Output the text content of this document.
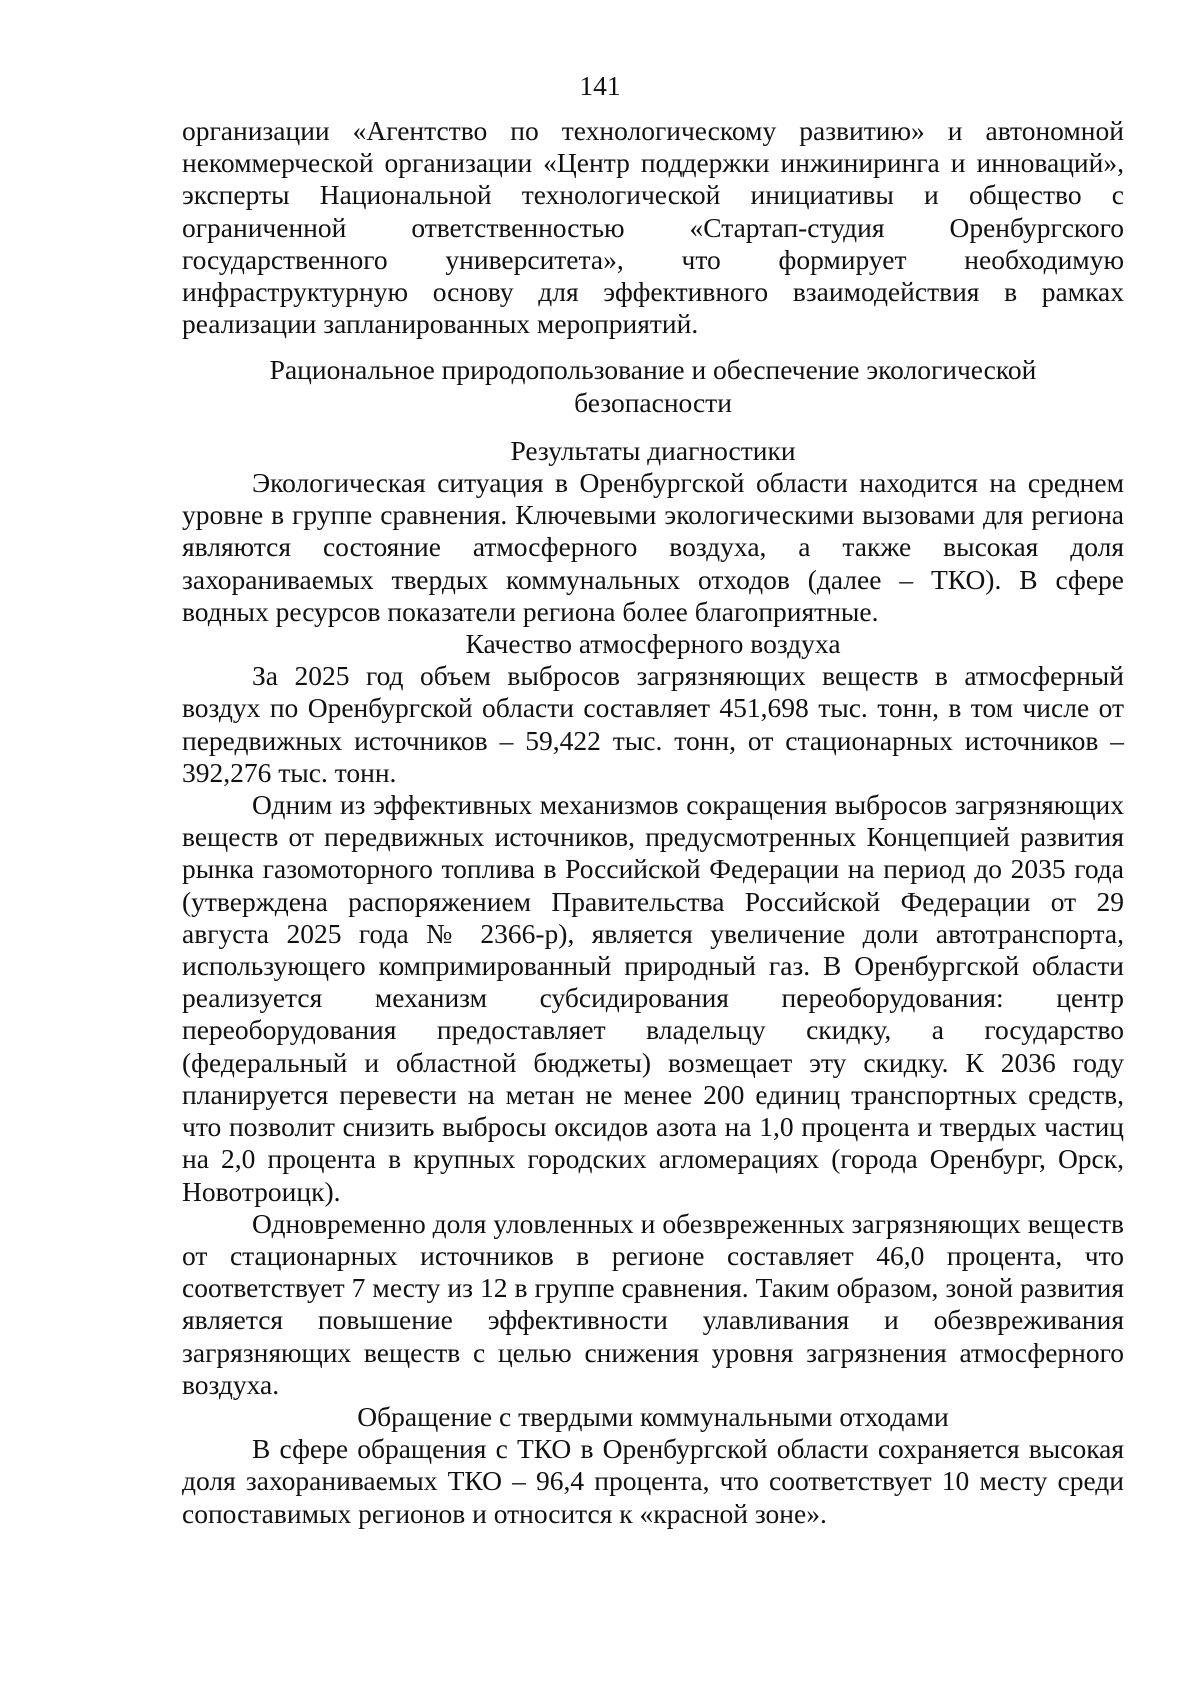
141

организации «Агентство по технологическому развитию» и автономной некоммерческой организации «Центр поддержки инжиниринга и инноваций», эксперты Национальной технологической инициативы и общество с ограниченной ответственностью «Стартап-студия Оренбургского государственного университета», что формирует необходимую инфраструктурную основу для эффективного взаимодействия в рамках реализации запланированных мероприятий.

Рациональное природопользование и обеспечение экологической безопасности
Результаты диагностики

Экологическая ситуация в Оренбургской области находится на среднем уровне в группе сравнения. Ключевыми экологическими вызовами для региона являются состояние атмосферного воздуха, а также высокая доля захораниваемых твердых коммунальных отходов (далее – ТКО). В сфере водных ресурсов показатели региона более благоприятные.

Качество атмосферного воздуха

За 2025 год объем выбросов загрязняющих веществ в атмосферный воздух по Оренбургской области составляет 451,698 тыс. тонн, в том числе от передвижных источников – 59,422 тыс. тонн, от стационарных источников – 392,276 тыс. тонн.

Одним из эффективных механизмов сокращения выбросов загрязняющих веществ от передвижных источников, предусмотренных Концепцией развития рынка газомоторного топлива в Российской Федерации на период до 2035 года (утверждена распоряжением Правительства Российской Федерации от 29 августа 2025 года № 2366-р), является увеличение доли автотранспорта, использующего компримированный природный газ. В Оренбургской области реализуется механизм субсидирования переоборудования: центр переоборудования предоставляет владельцу скидку, а государство (федеральный и областной бюджеты) возмещает эту скидку. К 2036 году планируется перевести на метан не менее 200 единиц транспортных средств, что позволит снизить выбросы оксидов азота на 1,0 процента и твердых частиц на 2,0 процента в крупных городских агломерациях (города Оренбург, Орск, Новотроицк).

Одновременно доля уловленных и обезвреженных загрязняющих веществ от стационарных источников в регионе составляет 46,0 процента, что соответствует 7 месту из 12 в группе сравнения. Таким образом, зоной развития является повышение эффективности улавливания и обезвреживания загрязняющих веществ с целью снижения уровня загрязнения атмосферного воздуха.

Обращение с твердыми коммунальными отходами

В сфере обращения с ТКО в Оренбургской области сохраняется высокая доля захораниваемых ТКО – 96,4 процента, что соответствует 10 месту среди сопоставимых регионов и относится к «красной зоне».
